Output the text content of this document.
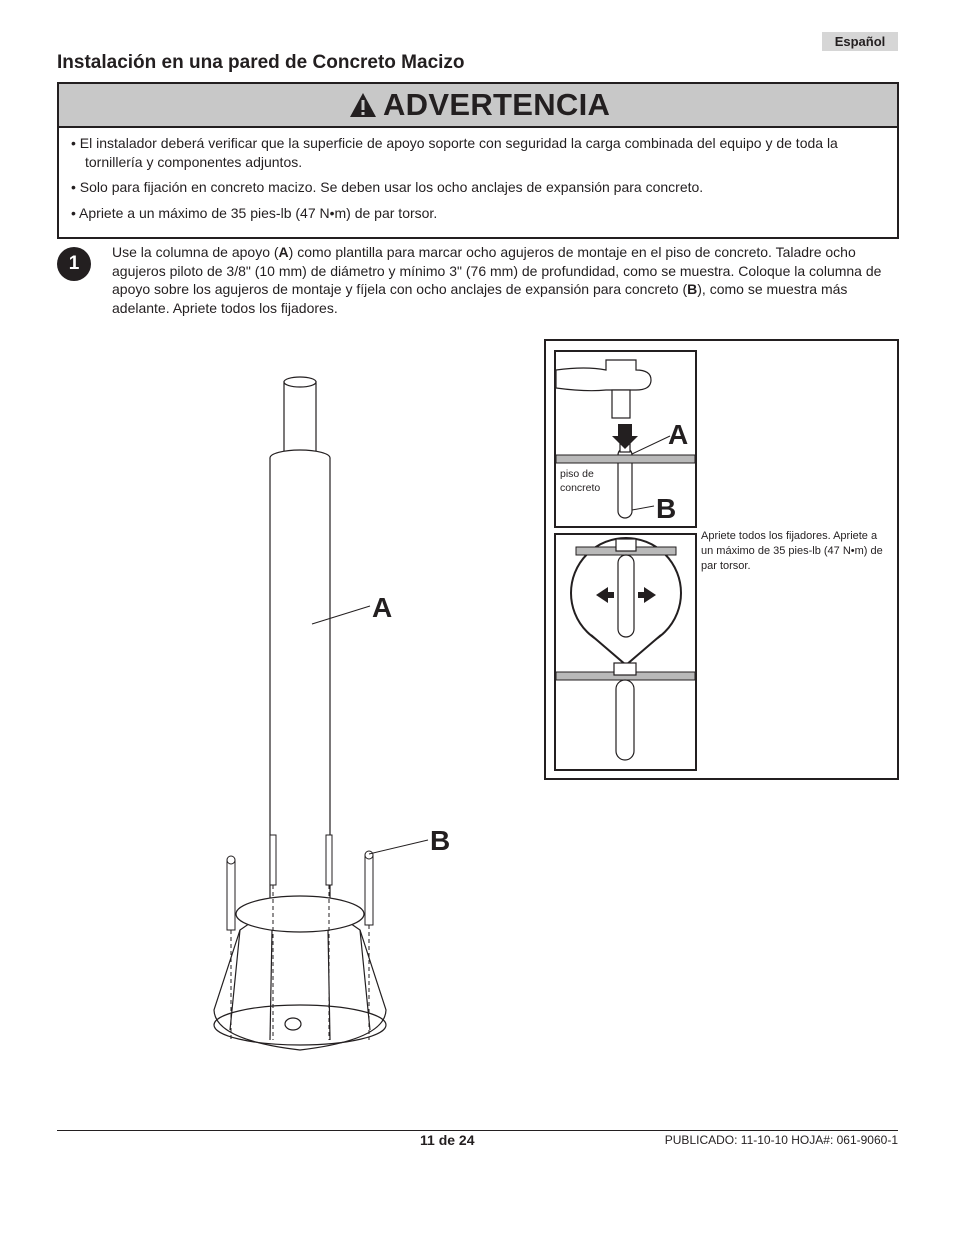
Español
Instalación en una pared de Concreto Macizo
ADVERTENCIA
• El instalador deberá verificar que la superficie de apoyo soporte con seguridad la carga combinada del equipo y de toda la tornillería y componentes adjuntos.
• Solo para fijación en concreto macizo. Se deben usar los ocho anclajes de expansión para concreto.
• Apriete a un máximo de 35 pies-lb (47 N•m) de par torsor.
1
Use la columna de apoyo (A) como plantilla para marcar ocho agujeros de montaje en el piso de concreto. Taladre ocho agujeros piloto de 3/8" (10 mm) de diámetro y mínimo 3" (76 mm) de profundidad, como se muestra. Coloque la columna de apoyo sobre los agujeros de montaje y fíjela con ocho anclajes de expansión para concreto (B), como se muestra más adelante. Apriete todos los fijadores.
A
B
A
B
piso de concreto
Apriete todos los fijadores. Apriete a un máximo de 35 pies-lb (47 N•m) de par torsor.
11 de 24	PUBLICADO: 11-10-10 HOJA#: 061-9060-1
